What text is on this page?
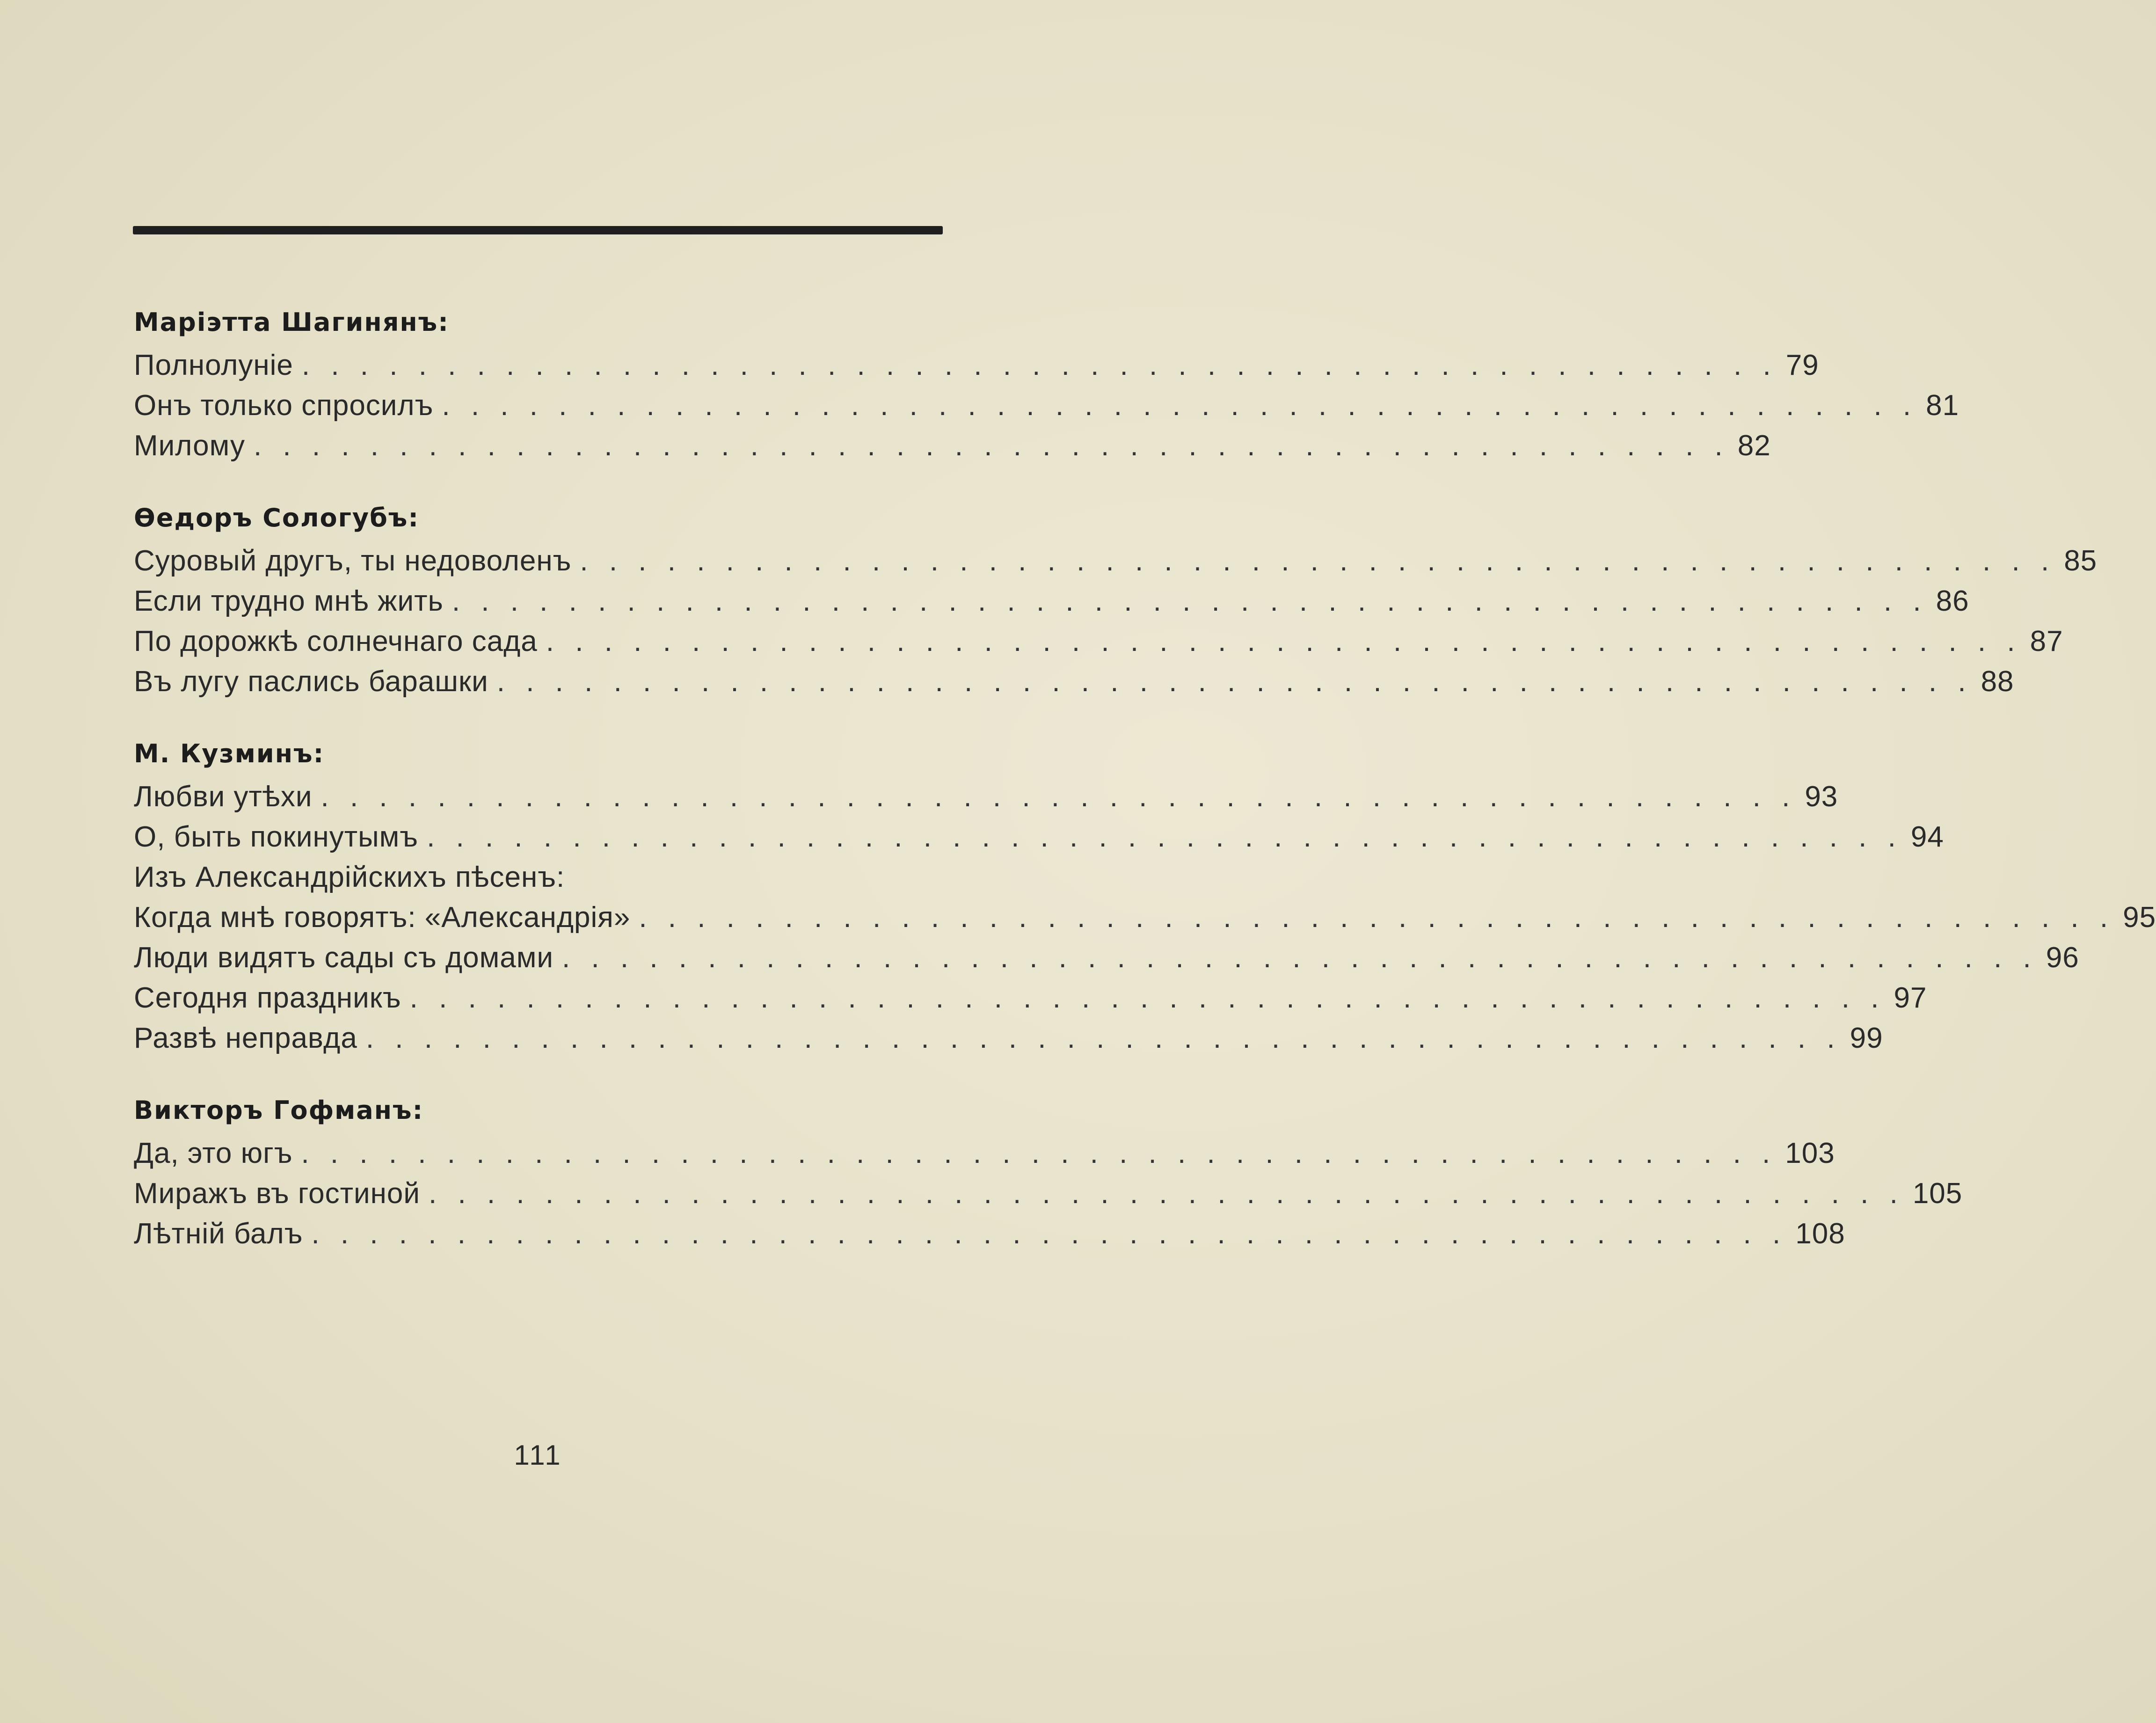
Маріэтта Шагинянъ:
Полнолуніе . . . . . . . . . . . . . . . . . . . . . . . . . . . . . . . . . . . . . . . . . . . . . . . . . . . 79
Онъ только спросилъ . . . . . . . . . . . . . . . . . . . . . . . . . . . . . . . . . . . . . . . . . . . . . . . . . . . 81
Милому . . . . . . . . . . . . . . . . . . . . . . . . . . . . . . . . . . . . . . . . . . . . . . . . . . . 82
Өедоръ Сологубъ:
Суровый другъ, ты недоволенъ . . . . . . . . . . . . . . . . . . . . . . . . . . . . . . . . . . . . . . . . . . . . . . . . . . . 85
Если трудно мнѣ жить . . . . . . . . . . . . . . . . . . . . . . . . . . . . . . . . . . . . . . . . . . . . . . . . . . . 86
По дорожкѣ солнечнаго сада . . . . . . . . . . . . . . . . . . . . . . . . . . . . . . . . . . . . . . . . . . . . . . . . . . . 87
Въ лугу паслись барашки . . . . . . . . . . . . . . . . . . . . . . . . . . . . . . . . . . . . . . . . . . . . . . . . . . . 88
М. Кузминъ:
Любви утѣхи . . . . . . . . . . . . . . . . . . . . . . . . . . . . . . . . . . . . . . . . . . . . . . . . . . . 93
О, быть покинутымъ . . . . . . . . . . . . . . . . . . . . . . . . . . . . . . . . . . . . . . . . . . . . . . . . . . . 94
Изъ Александрійскихъ пѣсенъ:
Когда мнѣ говорятъ: «Александрія» . . . . . . . . . . . . . . . . . . . . . . . . . . . . . . . . . . . . . . . . . . . . . . . . . . . 95
Люди видятъ сады съ домами . . . . . . . . . . . . . . . . . . . . . . . . . . . . . . . . . . . . . . . . . . . . . . . . . . . 96
Сегодня праздникъ . . . . . . . . . . . . . . . . . . . . . . . . . . . . . . . . . . . . . . . . . . . . . . . . . . . 97
Развѣ неправда . . . . . . . . . . . . . . . . . . . . . . . . . . . . . . . . . . . . . . . . . . . . . . . . . . . 99
Викторъ Гофманъ:
Да, это югъ . . . . . . . . . . . . . . . . . . . . . . . . . . . . . . . . . . . . . . . . . . . . . . . . . . . 103
Миражъ въ гостиной . . . . . . . . . . . . . . . . . . . . . . . . . . . . . . . . . . . . . . . . . . . . . . . . . . . 105
Лѣтній балъ . . . . . . . . . . . . . . . . . . . . . . . . . . . . . . . . . . . . . . . . . . . . . . . . . . . 108
111
